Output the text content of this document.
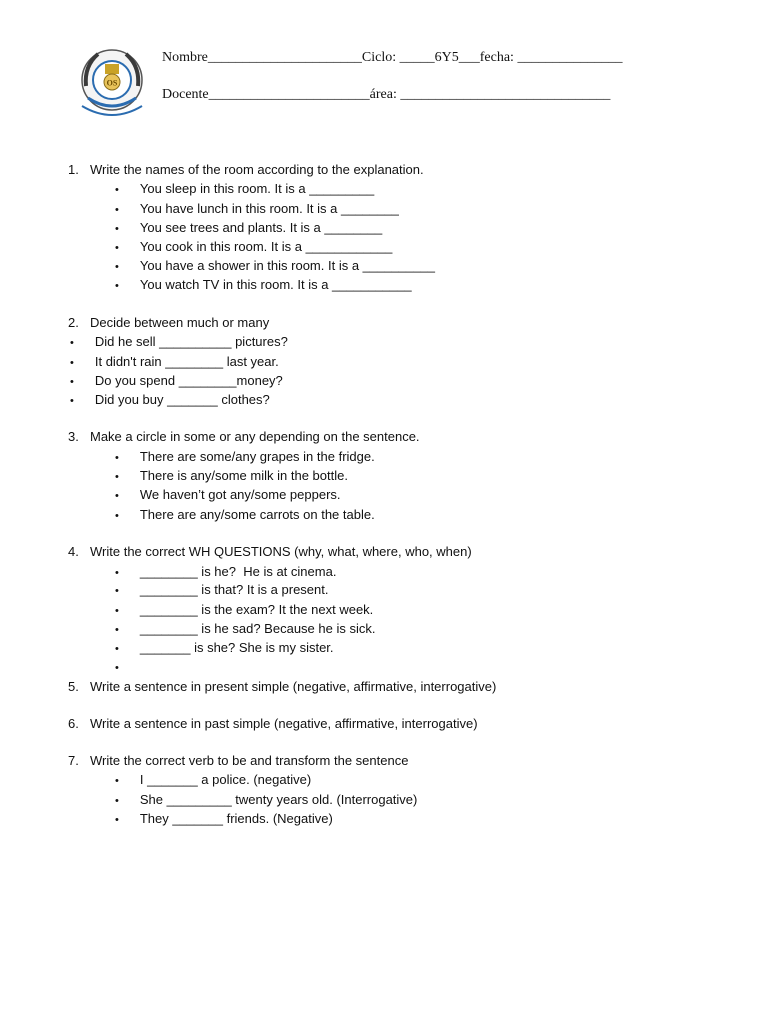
OS
Nombre______________________Ciclo: _____6Y5___fecha: _______________
Docente_______________________área: ______________________________
1. Write the names of the room according to the explanation.
• You sleep in this room. It is a _________
• You have lunch in this room. It is a ________
• You see trees and plants. It is a ________
• You cook in this room. It is a ____________
• You have a shower in this room. It is a __________
• You watch TV in this room. It is a ___________
2. Decide between much or many
• Did he sell __________ pictures?
• It didn't rain ________ last year.
• Do you spend ________money?
• Did you buy _______ clothes?
3. Make a circle in some or any depending on the sentence.
• There are some/any grapes in the fridge.
• There is any/some milk in the bottle.
• We haven’t got any/some peppers.
• There are any/some carrots on the table.
4. Write the correct WH QUESTIONS (why, what, where, who, when)
• ________ is he?  He is at cinema.
• ________ is that? It is a present.
• ________ is the exam? It the next week.
• ________ is he sad? Because he is sick.
• _______ is she? She is my sister.
•
5. Write a sentence in present simple (negative, affirmative, interrogative)
6. Write a sentence in past simple (negative, affirmative, interrogative)
7. Write the correct verb to be and transform the sentence
• I _______ a police. (negative)
• She _________ twenty years old. (Interrogative)
• They _______ friends. (Negative)
